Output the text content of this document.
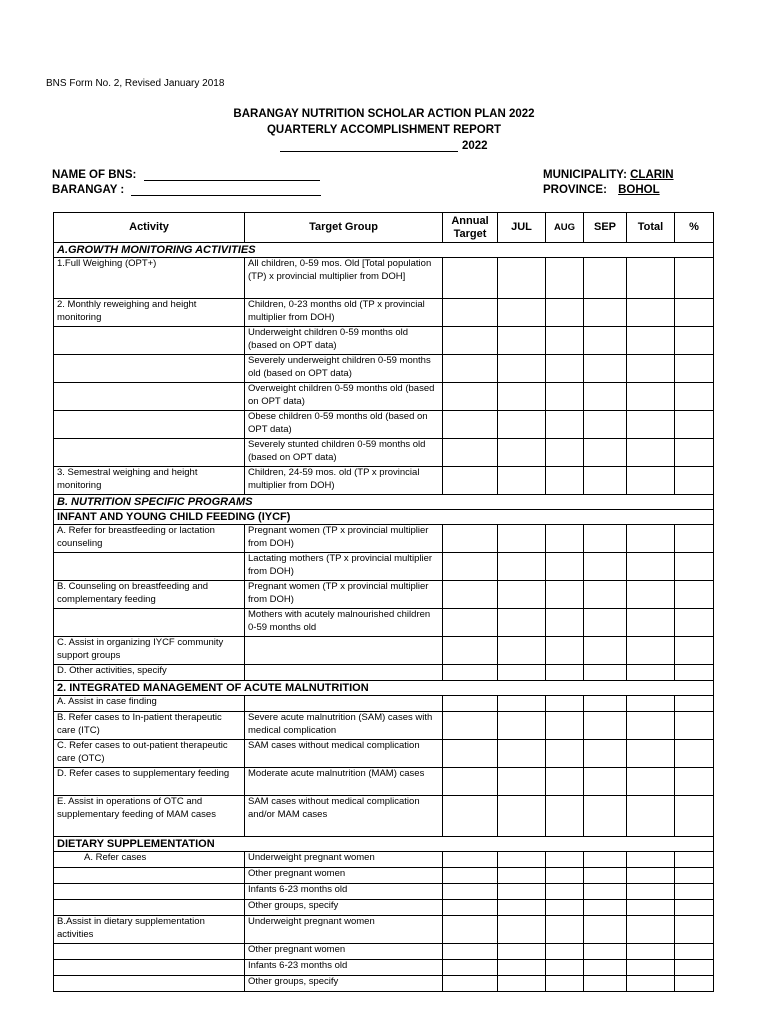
BNS Form No. 2, Revised January 2018
BARANGAY NUTRITION SCHOLAR ACTION PLAN 2022
QUARTERLY ACCOMPLISHMENT REPORT
2022
NAME OF BNS:
BARANGAY :
MUNICIPALITY: CLARIN
PROVINCE: BOHOL
Activity	Target Group	Annual Target	JUL	AUG	SEP	Total	%
A.GROWTH MONITORING ACTIVITIES							
1.Full Weighing (OPT+)	All children, 0-59 mos. Old [Total population (TP) x provincial multiplier from DOH]						
2. Monthly reweighing and height monitoring	Children, 0-23 months old (TP x provincial multiplier from DOH)						
	Underweight children 0-59 months old (based on OPT data)						
	Severely underweight children 0-59 months old (based on OPT data)						
	Overweight children 0-59 months old (based on OPT data)						
	Obese children 0-59 months old (based on OPT data)						
	Severely stunted children 0-59 months old (based on OPT data)						
3. Semestral weighing and height monitoring	Children, 24-59 mos. old (TP x provincial multiplier from DOH)						
B. NUTRITION SPECIFIC PROGRAMS							
INFANT AND YOUNG CHILD FEEDING (IYCF)							
A. Refer for breastfeeding or lactation counseling	Pregnant women (TP x provincial multiplier from DOH)						
	Lactating mothers (TP x provincial multiplier from DOH)						
B. Counseling on breastfeeding and complementary feeding	Pregnant women (TP x provincial multiplier from DOH)						
	Mothers with acutely malnourished children 0-59 months old						
C. Assist in organizing IYCF community support groups							
D. Other activities, specify							
2. INTEGRATED MANAGEMENT OF ACUTE MALNUTRITION							
A. Assist in case finding							
B. Refer cases to In-patient therapeutic care (ITC)	Severe acute malnutrition (SAM) cases with medical complication						
C. Refer cases to out-patient therapeutic care (OTC)	SAM cases without medical complication						
D. Refer cases to supplementary feeding	Moderate acute malnutrition (MAM) cases						
E. Assist in operations of OTC and supplementary feeding of MAM cases	SAM cases without medical complication and/or MAM cases						
DIETARY SUPPLEMENTATION							
A. Refer cases	Underweight pregnant women						
	Other pregnant women						
	Infants 6-23 months old						
	Other groups, specify						
B.Assist in dietary supplementation activities	Underweight pregnant women						
	Other pregnant women						
	Infants 6-23 months old						
	Other groups, specify						
